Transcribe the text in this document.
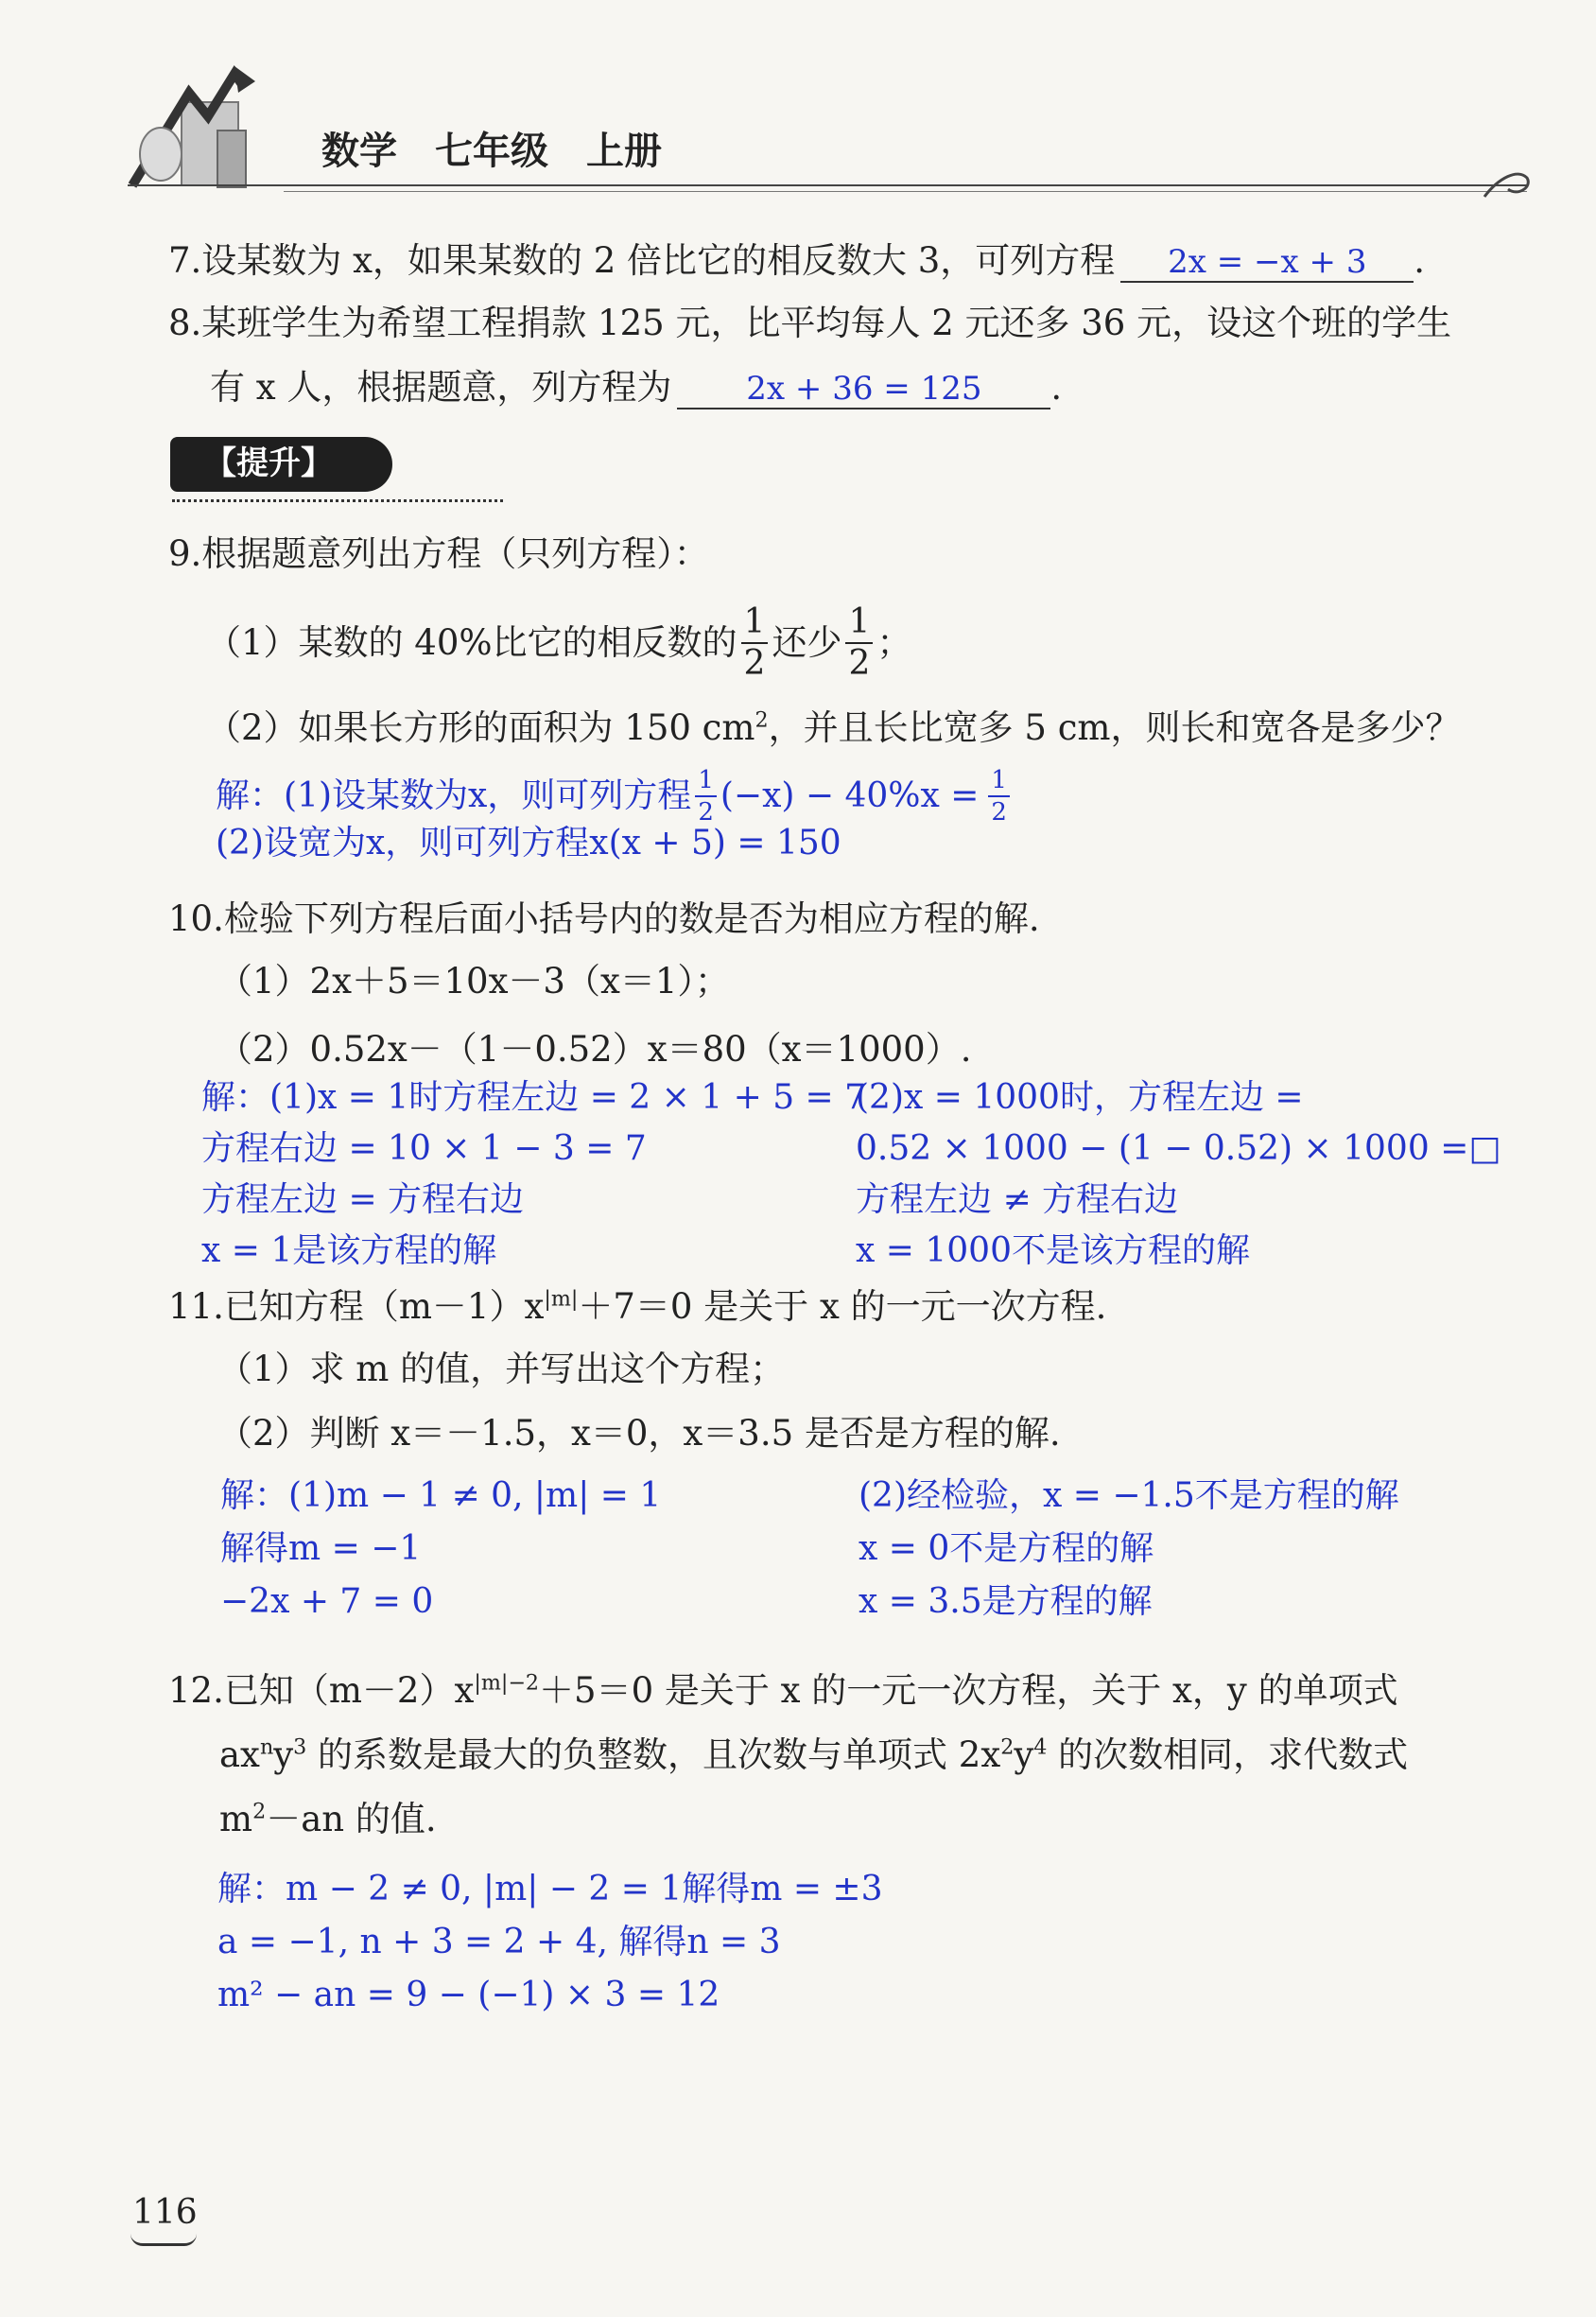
数学　七年级　上册
7.设某数为 x，如果某数的 2 倍比它的相反数大 3，可列方程 2x = −x + 3 .
8.某班学生为希望工程捐款 125 元，比平均每人 2 元还多 36 元，设这个班的学生
有 x 人，根据题意，列方程为 2x + 36 = 125 .
【提升】
9.根据题意列出方程（只列方程）：
（1）某数的 40%比它的相反数的 $\frac{1}{2}$ 还少 $\frac{1}{2}$ ；
（2）如果长方形的面积为 150 $cm^2$，并且长比宽多 5 cm，则长和宽各是多少？
解：(1)设某数为x，则可列方程 $\frac{1}{2} (-x) - 40\%x = \frac{1}{2}$
(2)设宽为x，则可列方程x(x + 5) = 150
10.检验下列方程后面小括号内的数是否为相应方程的解.
（1）2x＋5＝10x－3（x＝1）；
（2）0.52x－（1－0.52）x＝80（x＝1000）.
解：(1)x = 1时方程左边 = 2 × 1 + 5 = 7
方程右边 = 10 × 1 − 3 = 7
方程左边 = 方程右边
x = 1是该方程的解
(2)x = 1000时，方程左边 =
0.52 × 1000 − (1 − 0.52) × 1000 =□
方程左边 ≠ 方程右边
x = 1000不是该方程的解
11.已知方程$(m-1)x^{|m|}+7=0$ 是关于 x 的一元一次方程.
（1）求 m 的值，并写出这个方程；
（2）判断 x＝－1.5，x＝0，x＝3.5 是否是方程的解.
解：(1)m − 1 ≠ 0, |m| = 1
解得m = −1
−2x + 7 = 0
(2)经检验，x = −1.5不是方程的解
x = 0不是方程的解
x = 3.5是方程的解
12.已知$(m-2)x^{|m|-2}+5=0$ 是关于 x 的一元一次方程，关于 x，y 的单项式
$ax^ny^3$ 的系数是最大的负整数，且次数与单项式 $2x^2y^4$ 的次数相同，求代数式
$m^2-an$ 的值.
解：m − 2 ≠ 0, |m| − 2 = 1解得m = ±3
a = −1, n + 3 = 2 + 4, 解得n = 3
m² − an = 9 − (−1) × 3 = 12
116
